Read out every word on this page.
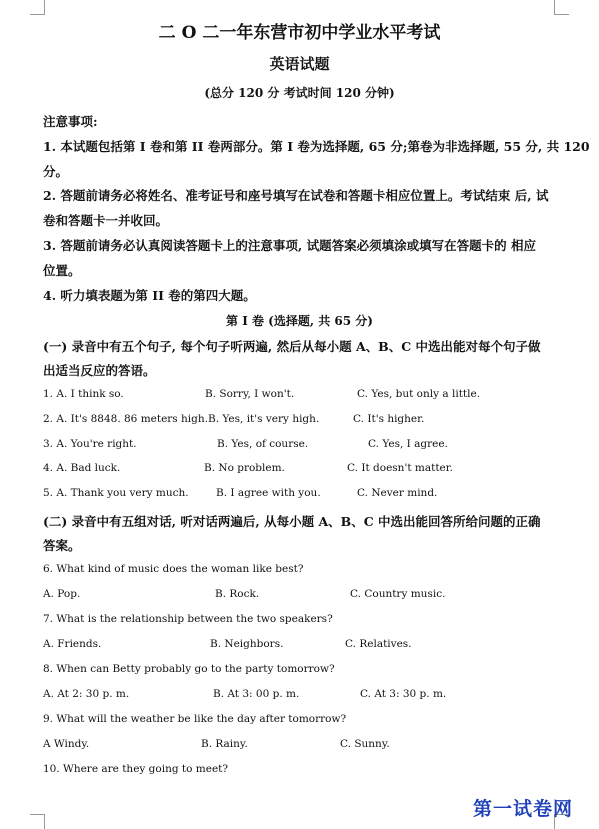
二 O 二一年东营市初中学业水平考试
英语试题
(总分 120 分 考试时间 120 分钟)
注意事项:
1. 本试题包括第 I 卷和第 II 卷两部分。第 I 卷为选择题, 65 分;第卷为非选择题, 55 分, 共 120
分。
2. 答题前请务必将姓名、准考证号和座号填写在试卷和答题卡相应位置上。考试结束 后, 试
卷和答题卡一并收回。
3. 答题前请务必认真阅读答题卡上的注意事项, 试题答案必须填涂或填写在答题卡的 相应
位置。
4. 听力填表题为第 II 卷的第四大题。
第 I 卷 (选择题, 共 65 分)
(一) 录音中有五个句子, 每个句子听两遍, 然后从每小题 A、B、C 中选出能对每个句子做
出适当反应的答语。
1. A. I think so.	B. Sorry, I won't.	C. Yes, but only a little.
2. A. It's 8848. 86 meters high. B. Yes, it's very high.	C. It's higher.
3. A. You're right.	B. Yes, of course.	C. Yes, I agree.
4. A. Bad luck.	B. No problem.	C. It doesn't matter.
5. A. Thank you very much.	B. I agree with you.	C. Never mind.
(二) 录音中有五组对话, 听对话两遍后, 从每小题 A、B、C 中选出能回答所给问题的正确
答案。
6. What kind of music does the woman like best?
A. Pop.	B. Rock.	C. Country music.
7. What is the relationship between the two speakers?
A. Friends.	B. Neighbors.	C. Relatives.
8. When can Betty probably go to the party tomorrow?
A. At 2: 30 p. m.	B. At 3: 00 p. m.	C. At 3: 30 p. m.
9. What will the weather be like the day after tomorrow?
A Windy.	B. Rainy.	C. Sunny.
10. Where are they going to meet?
第一试卷网
